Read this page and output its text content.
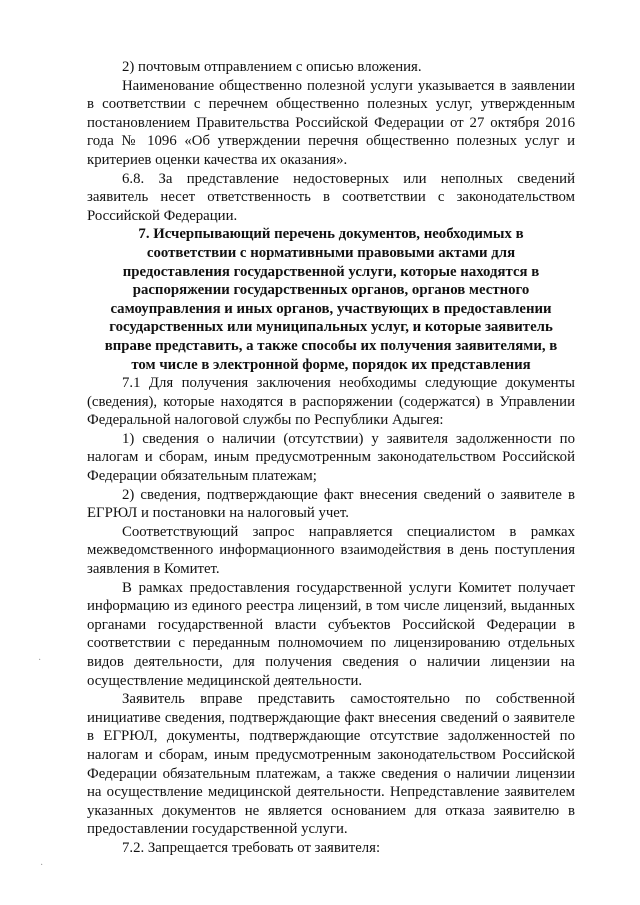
2) почтовым отправлением с описью вложения.

Наименование общественно полезной услуги указывается в заявлении в соответствии с перечнем общественно полезных услуг, утвержденным постановлением Правительства Российской Федерации от 27 октября 2016 года № 1096 «Об утверждении перечня общественно полезных услуг и критериев оценки качества их оказания».

6.8. За представление недостоверных или неполных сведений заявитель несет ответственность в соответствии с законодательством Российской Федерации.

7. Исчерпывающий перечень документов, необходимых в соответствии с нормативными правовыми актами для предоставления государственной услуги, которые находятся в распоряжении государственных органов, органов местного самоуправления и иных органов, участвующих в предоставлении государственных или муниципальных услуг, и которые заявитель вправе представить, а также способы их получения заявителями, в том числе в электронной форме, порядок их представления

7.1 Для получения заключения необходимы следующие документы (сведения), которые находятся в распоряжении (содержатся) в Управлении Федеральной налоговой службы по Республики Адыгея:

1) сведения о наличии (отсутствии) у заявителя задолженности по налогам и сборам, иным предусмотренным законодательством Российской Федерации обязательным платежам;

2) сведения, подтверждающие факт внесения сведений о заявителе в ЕГРЮЛ и постановки на налоговый учет.

Соответствующий запрос направляется специалистом в рамках межведомственного информационного взаимодействия в день поступления заявления в Комитет.

В рамках предоставления государственной услуги Комитет получает информацию из единого реестра лицензий, в том числе лицензий, выданных органами государственной власти субъектов Российской Федерации в соответствии с переданным полномочием по лицензированию отдельных видов деятельности, для получения сведения о наличии лицензии на осуществление медицинской деятельности.

Заявитель вправе представить самостоятельно по собственной инициативе сведения, подтверждающие факт внесения сведений о заявителе в ЕГРЮЛ, документы, подтверждающие отсутствие задолженностей по налогам и сборам, иным предусмотренным законодательством Российской Федерации обязательным платежам, а также сведения о наличии лицензии на осуществление медицинской деятельности. Непредставление заявителем указанных документов не является основанием для отказа заявителю в предоставлении государственной услуги.

7.2. Запрещается требовать от заявителя:

·
·
